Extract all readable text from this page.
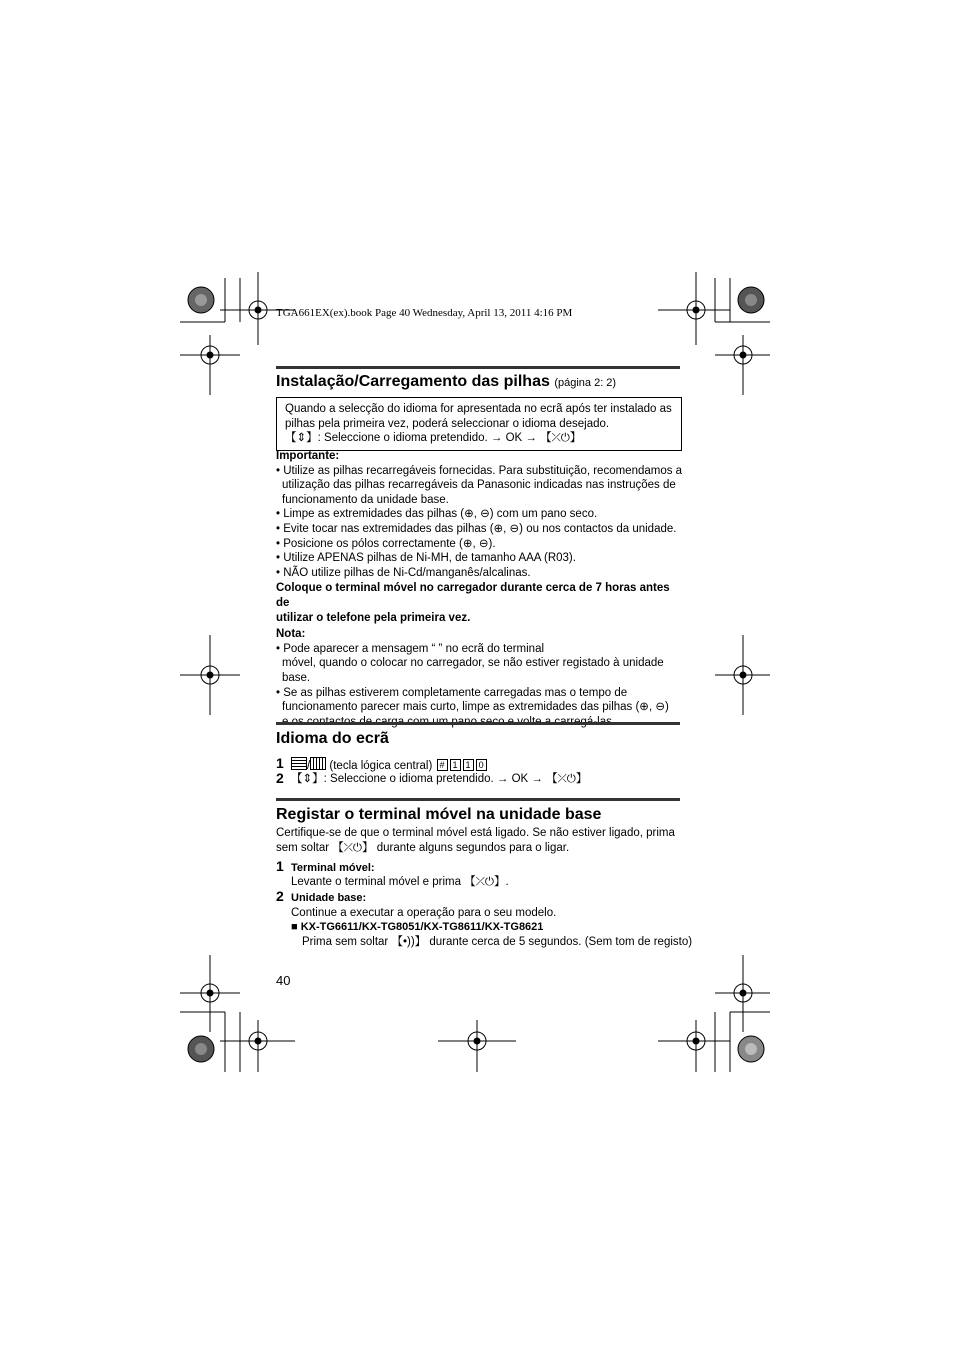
TGA661EX(ex).book Page 40 Wednesday, April 13, 2011 4:16 PM
Instalação/Carregamento das pilhas (página 2: 2)
Quando a selecção do idioma for apresentada no ecrã após ter instalado as
pilhas pela primeira vez, poderá seleccionar o idioma desejado.
【⇕】: Seleccione o idioma pretendido. → OK → 【⤫⏻】
Importante:
• Utilize as pilhas recarregáveis fornecidas. Para substituição, recomendamos a
utilização das pilhas recarregáveis da Panasonic indicadas nas instruções de
funcionamento da unidade base.
• Limpe as extremidades das pilhas (⊕, ⊖) com um pano seco.
• Evite tocar nas extremidades das pilhas (⊕, ⊖) ou nos contactos da unidade.
• Posicione os pólos correctamente (⊕, ⊖).
• Utilize APENAS pilhas de Ni-MH, de tamanho AAA (R03).
• NÃO utilize pilhas de Ni-Cd/manganês/alcalinas.
Coloque o terminal móvel no carregador durante cerca de 7 horas antes de
utilizar o telefone pela primeira vez.
Nota:
• Pode aparecer a mensagem “ ” no ecrã do terminal
móvel, quando o colocar no carregador, se não estiver registado à unidade
base.
• Se as pilhas estiverem completamente carregadas mas o tempo de
funcionamento parecer mais curto, limpe as extremidades das pilhas (⊕, ⊖)
Idioma do ecrã
1	/ (tecla lógica central) # 1 1 0
2 【⇕】: Seleccione o idioma pretendido. → OK → 【⤫⏻】
Registar o terminal móvel na unidade base
Certifique-se de que o terminal móvel está ligado. Se não estiver ligado, prima
sem soltar 【⤫⏻】 durante alguns segundos para o ligar.
1 Terminal móvel:
Levante o terminal móvel e prima 【⤫⏻】.
2 Unidade base:
Continue a executar a operação para o seu modelo.
■ KX-TG6611/KX-TG8051/KX-TG8611/KX-TG8621
Prima sem soltar 【•))】 durante cerca de 5 segundos. (Sem tom de registo)
40
